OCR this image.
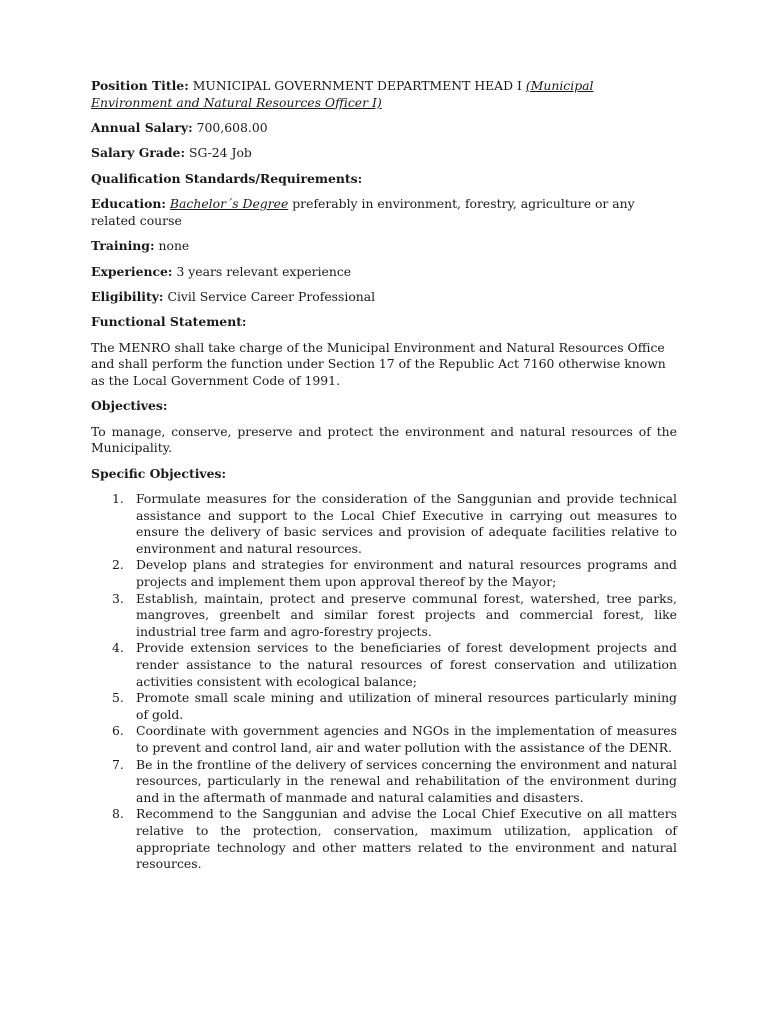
Position Title: MUNICIPAL GOVERNMENT DEPARTMENT HEAD I (Municipal Environment and Natural Resources Officer I)

Annual Salary: 700,608.00

Salary Grade: SG-24 Job

Qualification Standards/Requirements:

Education: Bachelor´s Degree preferably in environment, forestry, agriculture or any related course

Training: none

Experience: 3 years relevant experience

Eligibility: Civil Service Career Professional

Functional Statement:

The MENRO shall take charge of the Municipal Environment and Natural Resources Office and shall perform the function under Section 17 of the Republic Act 7160 otherwise known as the Local Government Code of 1991.

Objectives:

To manage, conserve, preserve and protect the environment and natural resources of the Municipality.

Specific Objectives:

1. Formulate measures for the consideration of the Sanggunian and provide technical assistance and support to the Local Chief Executive in carrying out measures to ensure the delivery of basic services and provision of adequate facilities relative to environment and natural resources.
2. Develop plans and strategies for environment and natural resources programs and projects and implement them upon approval thereof by the Mayor;
3. Establish, maintain, protect and preserve communal forest, watershed, tree parks, mangroves, greenbelt and similar forest projects and commercial forest, like industrial tree farm and agro-forestry projects.
4. Provide extension services to the beneficiaries of forest development projects and render assistance to the natural resources of forest conservation and utilization activities consistent with ecological balance;
5. Promote small scale mining and utilization of mineral resources particularly mining of gold.
6. Coordinate with government agencies and NGOs in the implementation of measures to prevent and control land, air and water pollution with the assistance of the DENR.
7. Be in the frontline of the delivery of services concerning the environment and natural resources, particularly in the renewal and rehabilitation of the environment during and in the aftermath of manmade and natural calamities and disasters.
8. Recommend to the Sanggunian and advise the Local Chief Executive on all matters relative to the protection, conservation, maximum utilization, application of appropriate technology and other matters related to the environment and natural resources.
